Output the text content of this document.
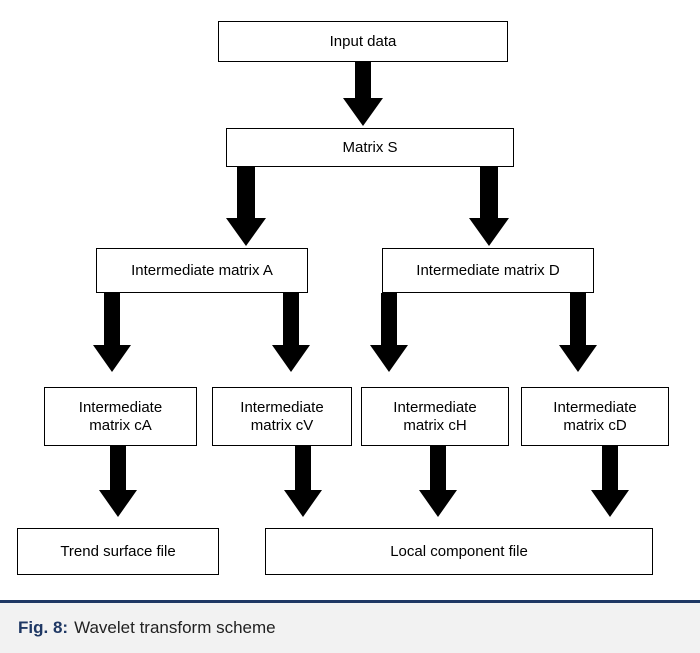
Input data
Matrix S
Intermediate matrix A	Intermediate matrix D
Intermediate
matrix cA
Intermediate
matrix cV
Intermediate
matrix cH
Intermediate
matrix cD
Trend surface file	Local component file
Fig. 8: Wavelet transform scheme
